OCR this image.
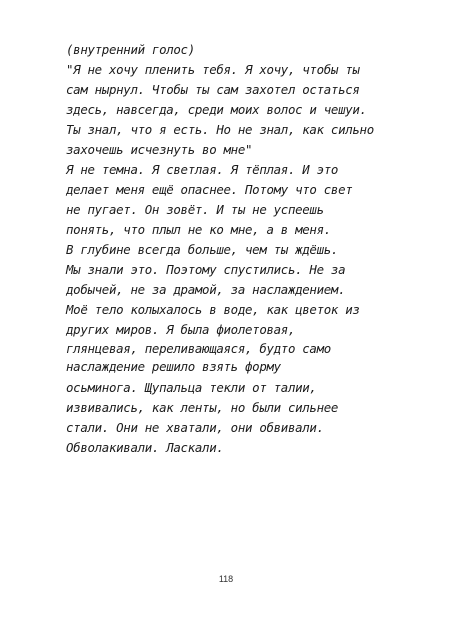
(внутренний голос)
"Я не хочу пленить тебя. Я хочу, чтобы ты
сам нырнул. Чтобы ты сам захотел остаться
здесь, навсегда, среди моих волос и чешуи.
Ты знал, что я есть. Но не знал, как сильно
захочешь исчезнуть во мне"
Я не темна. Я светлая. Я тёплая. И это
делает меня ещё опаснее. Потому что свет
не пугает. Он зовёт. И ты не успеешь
понять, что плыл не ко мне, а в меня.
В глубине всегда больше, чем ты ждёшь.
Мы знали это. Поэтому спустились. Не за
добычей, не за драмой, за наслаждением.
Моё тело колыхалось в воде, как цветок из
других миров. Я была фиолетовая,
глянцевая, переливающаяся, будто само
наслаждение решило взять форму
осьминога. Щупальца текли от талии,
извивались, как ленты, но были сильнее
стали. Они не хватали, они обвивали.
Обволакивали. Ласкали.
118
